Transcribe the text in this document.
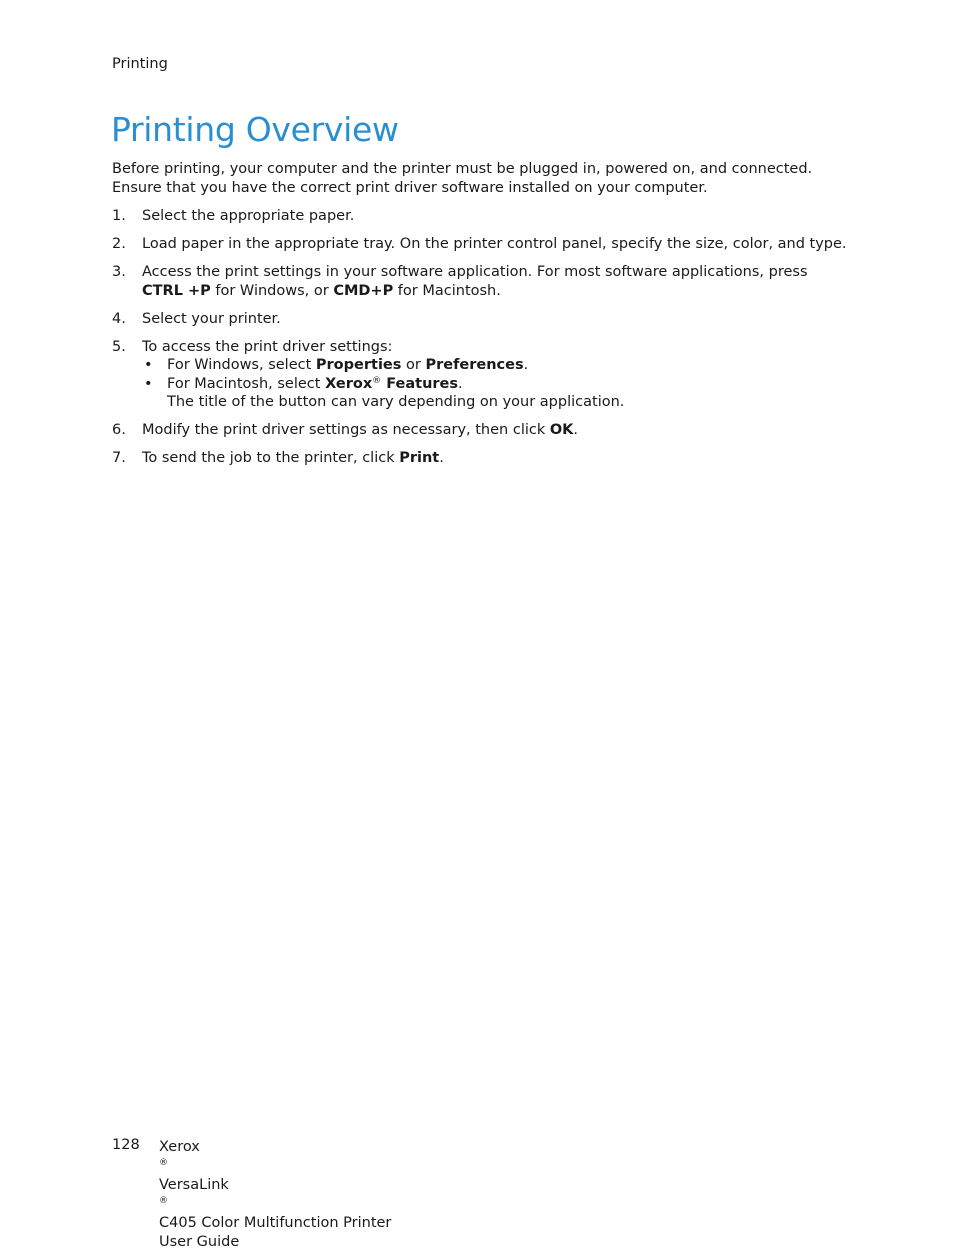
Printing
Printing Overview

Before printing, your computer and the printer must be plugged in, powered on, and connected.
Ensure that you have the correct print driver software installed on your computer.

1. Select the appropriate paper.
2. Load paper in the appropriate tray. On the printer control panel, specify the size, color, and type.
3. Access the print settings in your software application. For most software applications, press CTRL +P for Windows, or CMD+P for Macintosh.
4. Select your printer.
5. To access the print driver settings:
• For Windows, select Properties or Preferences.
• For Macintosh, select Xerox® Features.
The title of the button can vary depending on your application.
6. Modify the print driver settings as necessary, then click OK.
7. To send the job to the printer, click Print.
128 Xerox
®
VersaLink
®
C405 Color Multifunction Printer
User Guide
